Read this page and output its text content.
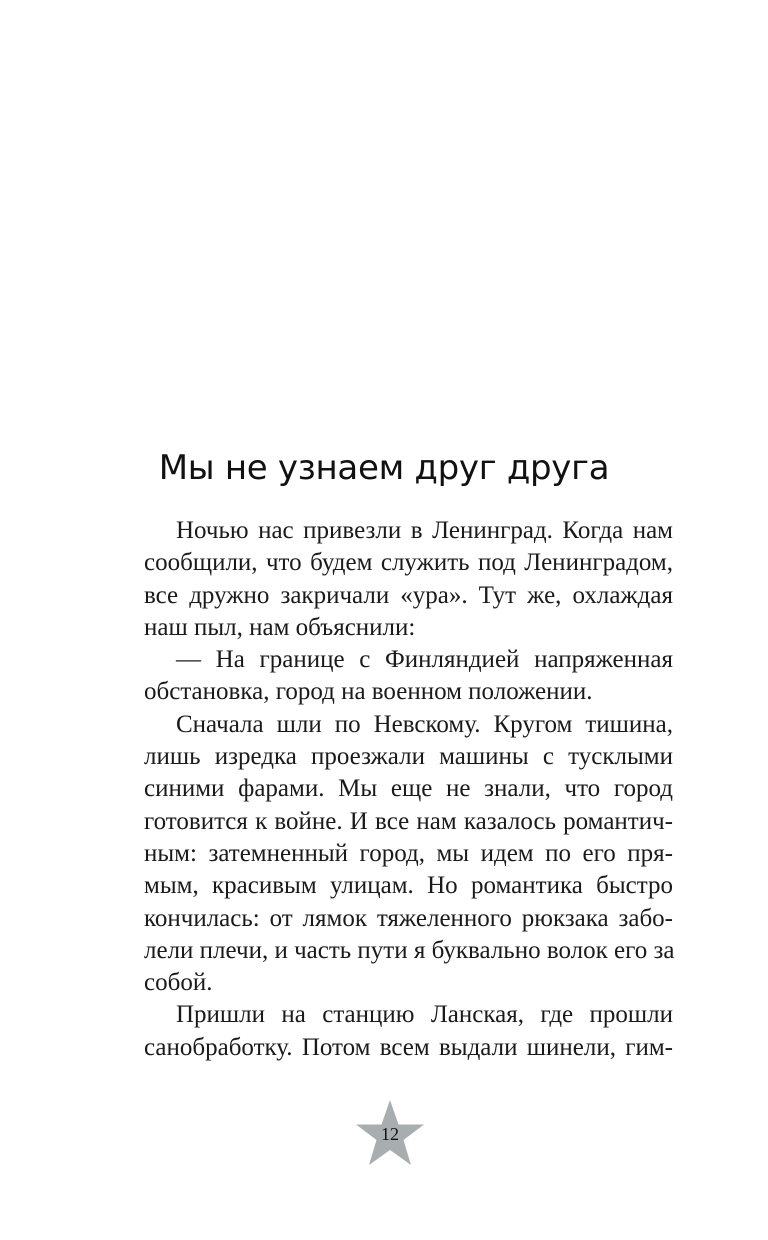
Мы не узнаем друг друга

Ночью нас привезли в Ленинград. Когда нам
сообщили, что будем служить под Ленинградом,
все дружно закричали «ура». Тут же, охлаждая
наш пыл, нам объяснили:

— На границе с Финляндией напряженная
обстановка, город на военном положении.

Сначала шли по Невскому. Кругом тишина,
лишь изредка проезжали машины с тусклыми
синими фарами. Мы еще не знали, что город
готовится к войне. И все нам казалось романтич-
ным: затемненный город, мы идем по его пря-
мым, красивым улицам. Но романтика быстро
кончилась: от лямок тяжеленного рюкзака забо-
лели плечи, и часть пути я буквально волок его за
собой.

Пришли на станцию Ланская, где прошли
санобработку. Потом всем выдали шинели, гим-

12
